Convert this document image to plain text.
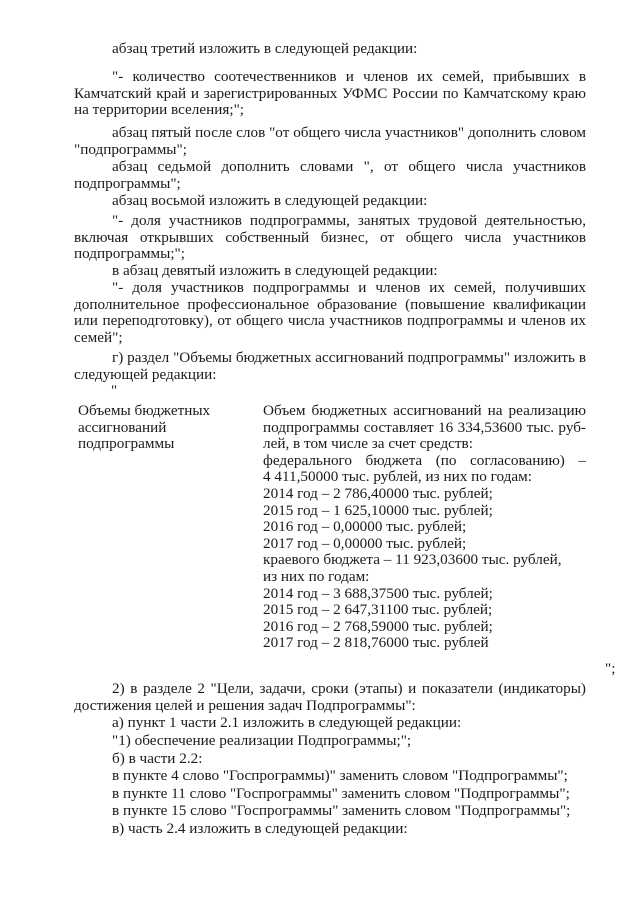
абзац третий изложить в следующей редакции:
"- количество соотечественников и членов их семей, прибывших в Камчатский край и зарегистрированных УФМС России по Камчатскому краю на территории вселения;";
абзац пятый после слов "от общего числа участников" дополнить словом "подпрограммы";
абзац седьмой дополнить словами ", от общего числа участников подпрограммы";
абзац восьмой изложить в следующей редакции:
"- доля участников подпрограммы, занятых трудовой деятельностью, включая открывших собственный бизнес, от общего числа участников подпрограммы;";
в абзац девятый изложить в следующей редакции:
"- доля участников подпрограммы и членов их семей, получивших дополнительное профессиональное образование (повышение квалификации или переподготовку), от общего числа участников подпрограммы и членов их семей";
г) раздел "Объемы бюджетных ассигнований подпрограммы" изложить в следующей редакции:
"
Объемы бюджетных ассигнований подпрограммы
Объем бюджетных ассигнований на реализацию
подпрограммы составляет 16 334,53600 тыс. руб-
лей, в том числе за счет средств:
федерального бюджета (по согласованию) –
4 411,50000 тыс. рублей, из них по годам:
2014 год – 2 786,40000 тыс. рублей;
2015 год – 1 625,10000 тыс. рублей;
2016 год – 0,00000 тыс. рублей;
2017 год – 0,00000 тыс. рублей;
краевого бюджета – 11 923,03600 тыс. рублей,
из них по годам:
2014 год – 3 688,37500 тыс. рублей;
2015 год – 2 647,31100 тыс. рублей;
2016 год – 2 768,59000 тыс. рублей;
2017 год – 2 818,76000 тыс. рублей
";
2) в разделе 2 "Цели, задачи, сроки (этапы) и показатели (индикаторы) достижения целей и решения задач Подпрограммы":
а) пункт 1 части 2.1 изложить в следующей редакции:
"1) обеспечение реализации Подпрограммы;";
б) в части 2.2:
в пункте 4 слово "Госпрограммы)" заменить словом "Подпрограммы";
в пункте 11 слово "Госпрограммы" заменить словом "Подпрограммы";
в пункте 15 слово "Госпрограммы" заменить словом "Подпрограммы";
в) часть 2.4 изложить в следующей редакции:
